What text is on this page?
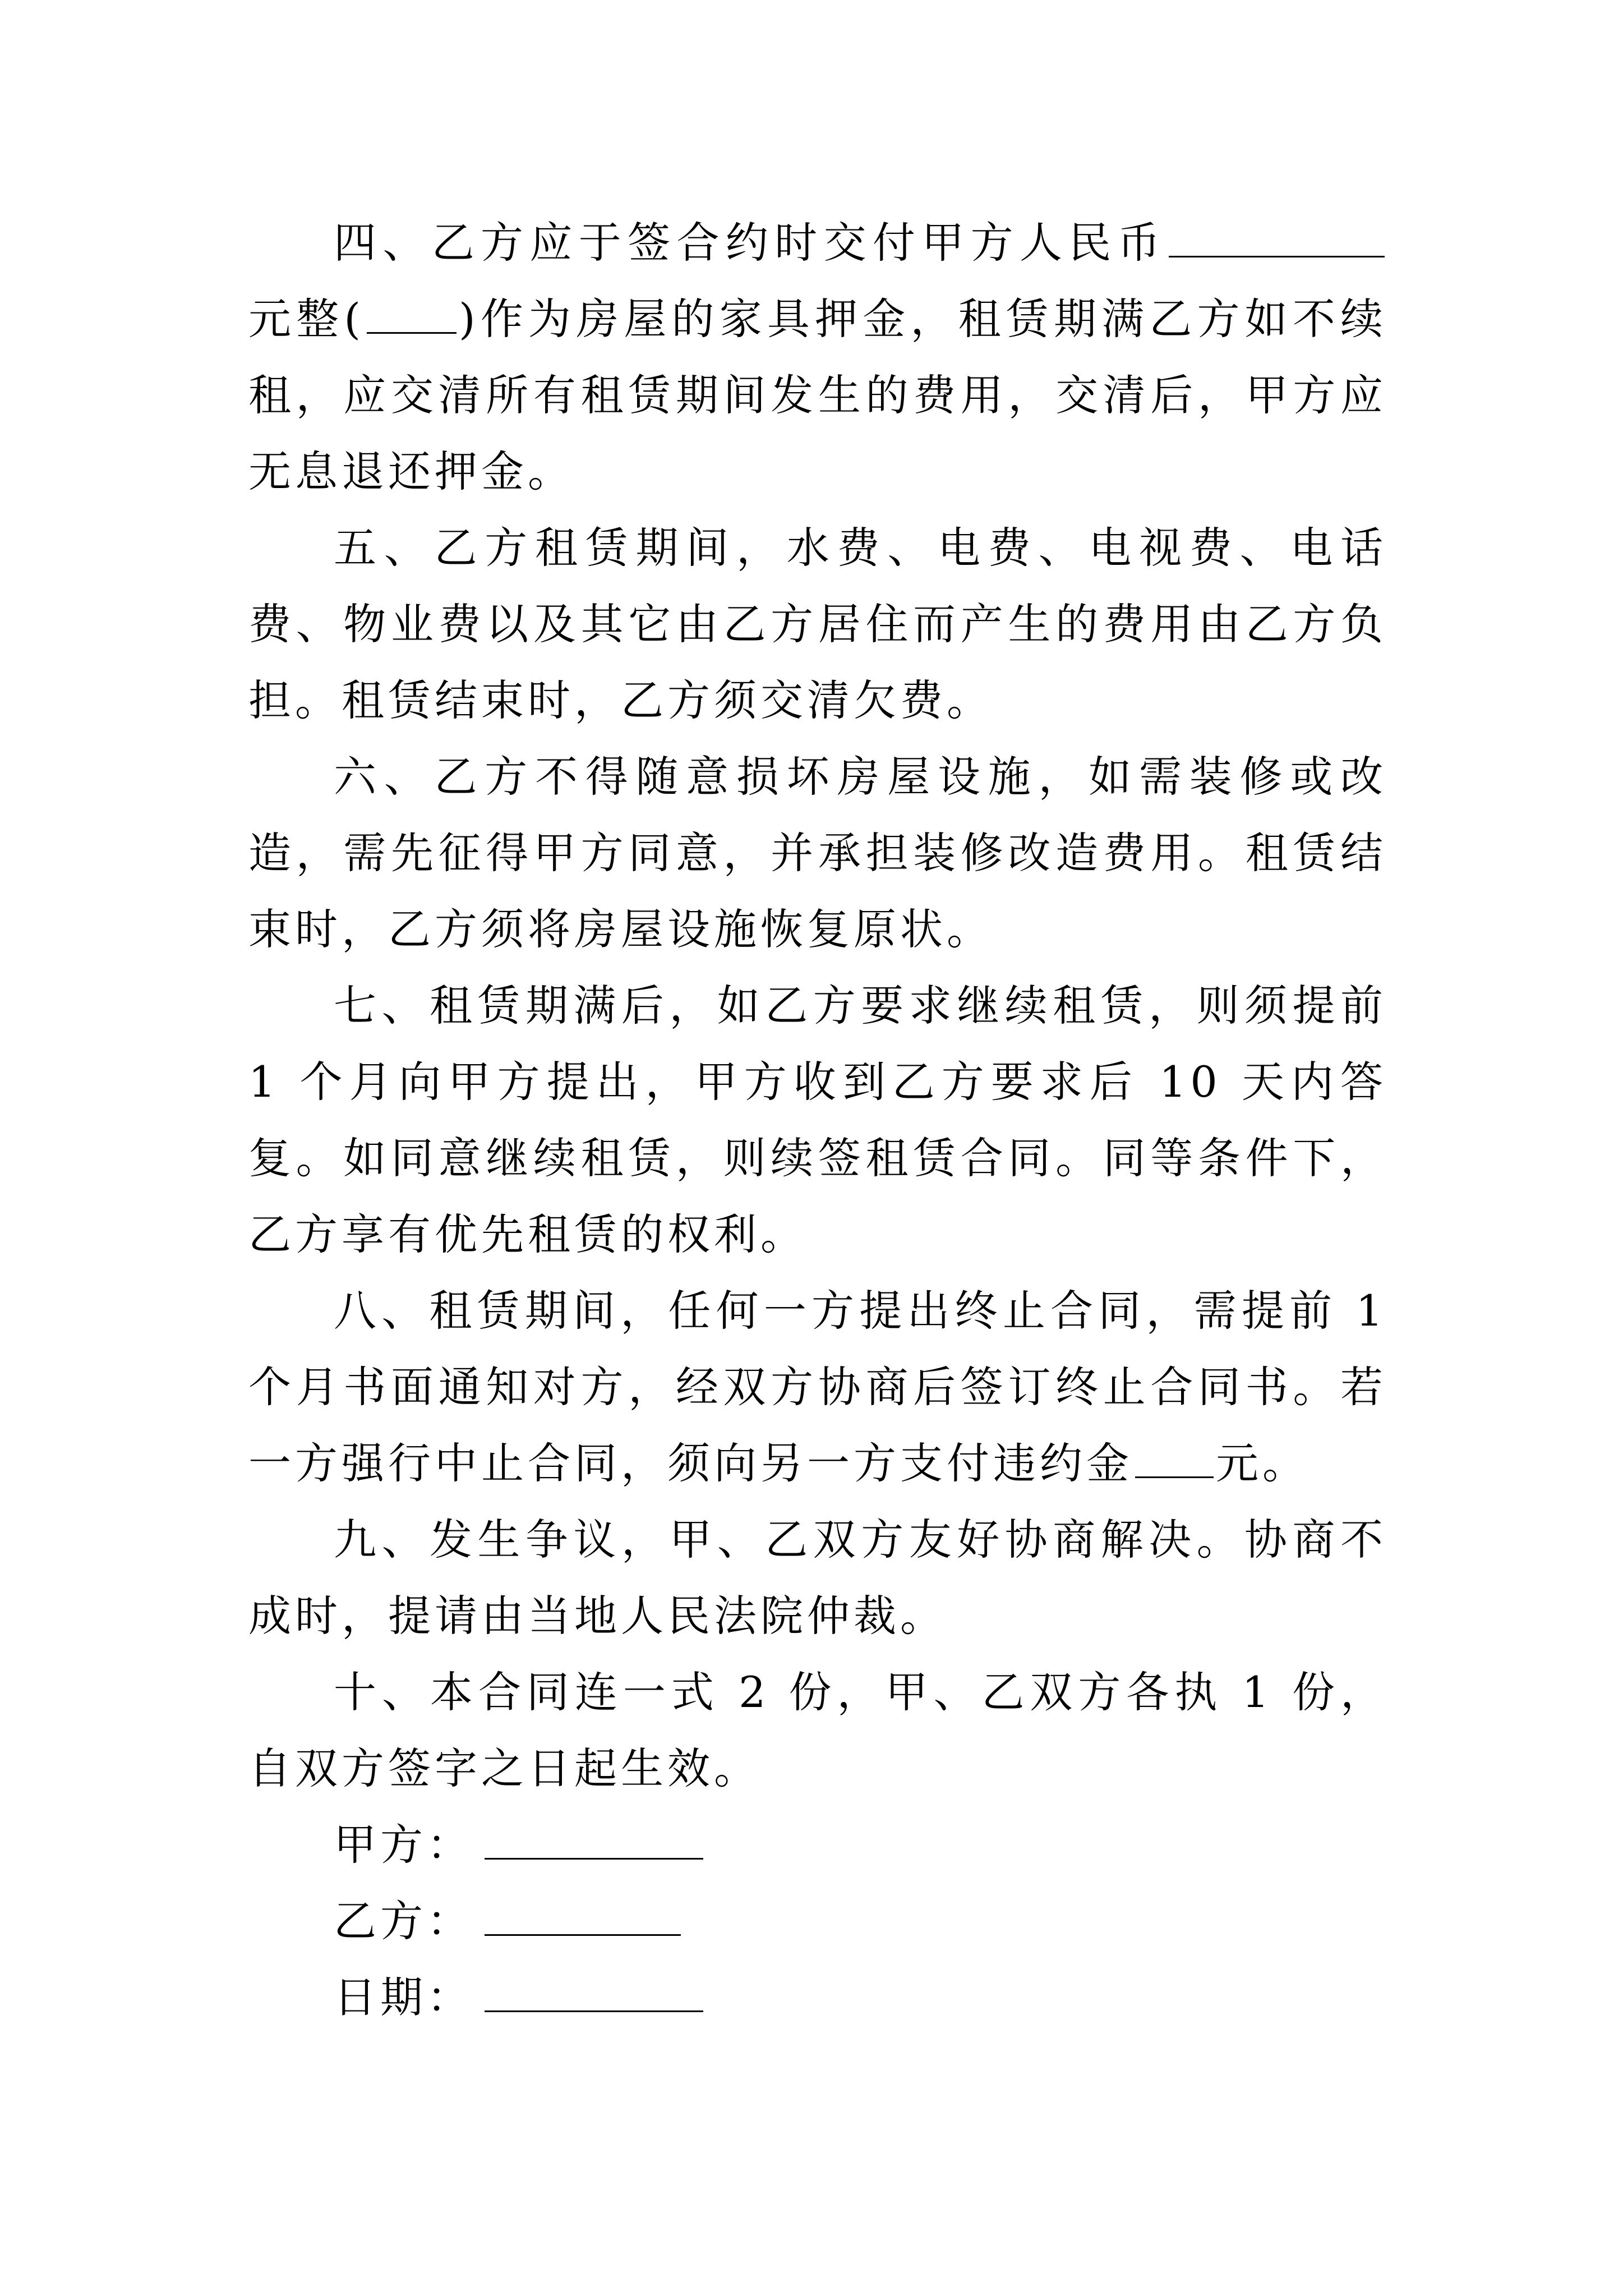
四、乙方应于签合约时交付甲方人民币元整( )作为房屋的家具押金，租赁期满乙方如不续租，应交清所有租赁期间发生的费用，交清后，甲方应无息退还押金。

五、乙方租赁期间，水费、电费、电视费、电话费、物业费以及其它由乙方居住而产生的费用由乙方负担。租赁结束时，乙方须交清欠费。

六、乙方不得随意损坏房屋设施，如需装修或改造，需先征得甲方同意，并承担装修改造费用。租赁结束时，乙方须将房屋设施恢复原状。

七、租赁期满后，如乙方要求继续租赁，则须提前 1 个月向甲方提出，甲方收到乙方要求后 10 天内答复。如同意继续租赁，则续签租赁合同。同等条件下，乙方享有优先租赁的权利。

八、租赁期间，任何一方提出终止合同，需提前 1 个月书面通知对方，经双方协商后签订终止合同书。若一方强行中止合同，须向另一方支付违约金 元。

九、发生争议，甲、乙双方友好协商解决。协商不成时，提请由当地人民法院仲裁。

十、本合同连一式 2 份，甲、乙双方各执 1 份，自双方签字之日起生效。

甲方：

乙方：

日期：
